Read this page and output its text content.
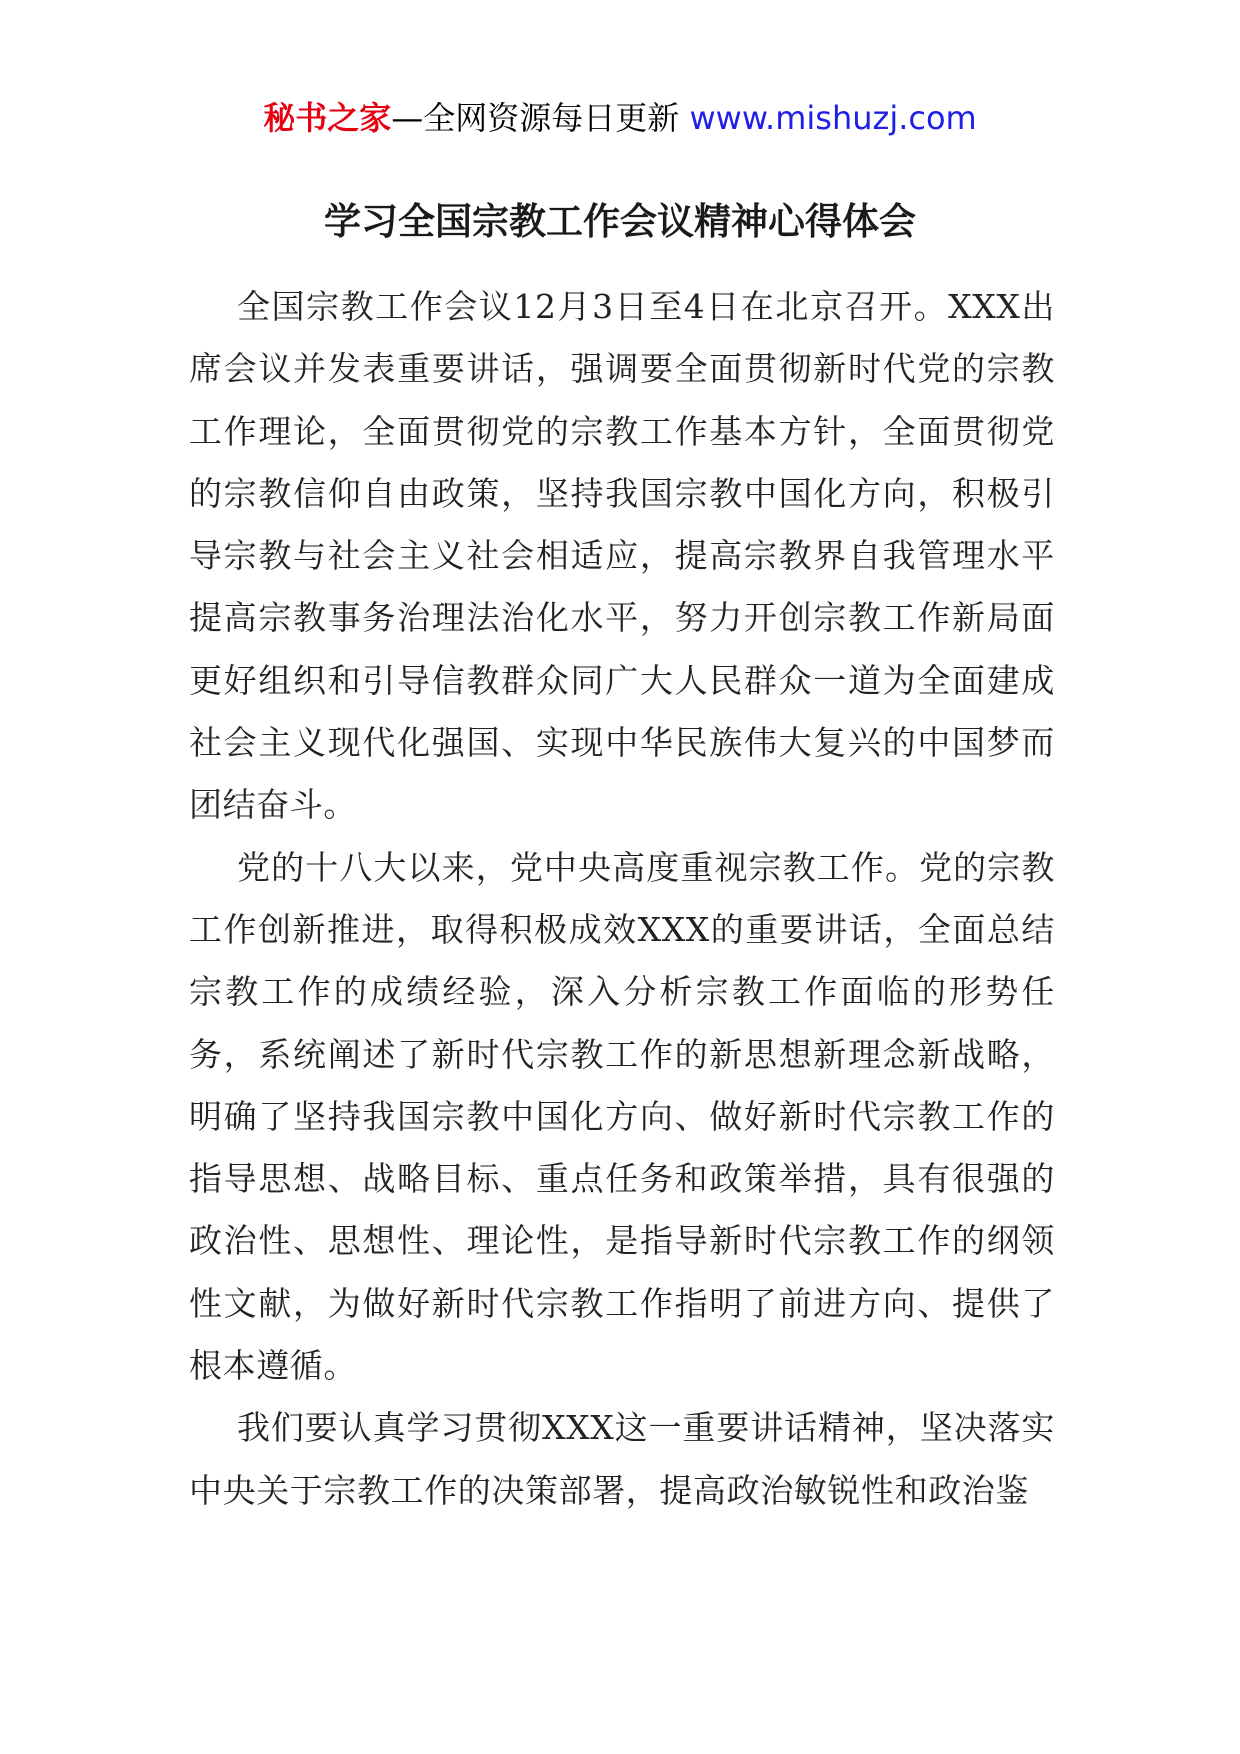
秘书之家—全网资源每日更新 www.mishuzj.com
学习全国宗教工作会议精神心得体会

全国宗教工作会议12月3日至4日在北京召开。XXX出席会议并发表重要讲话，强调要全面贯彻新时代党的宗教工作理论，全面贯彻党的宗教工作基本方针，全面贯彻党的宗教信仰自由政策，坚持我国宗教中国化方向，积极引导宗教与社会主义社会相适应，提高宗教界自我管理水平提高宗教事务治理法治化水平，努力开创宗教工作新局面更好组织和引导信教群众同广大人民群众一道为全面建成社会主义现代化强国、实现中华民族伟大复兴的中国梦而团结奋斗。

党的十八大以来，党中央高度重视宗教工作。党的宗教工作创新推进，取得积极成效XXX的重要讲话，全面总结宗教工作的成绩经验，深入分析宗教工作面临的形势任务，系统阐述了新时代宗教工作的新思想新理念新战略，明确了坚持我国宗教中国化方向、做好新时代宗教工作的指导思想、战略目标、重点任务和政策举措，具有很强的政治性、思想性、理论性，是指导新时代宗教工作的纲领性文献，为做好新时代宗教工作指明了前进方向、提供了根本遵循。

我们要认真学习贯彻XXX这一重要讲话精神，坚决落实中央关于宗教工作的决策部署，提高政治敏锐性和政治鉴
